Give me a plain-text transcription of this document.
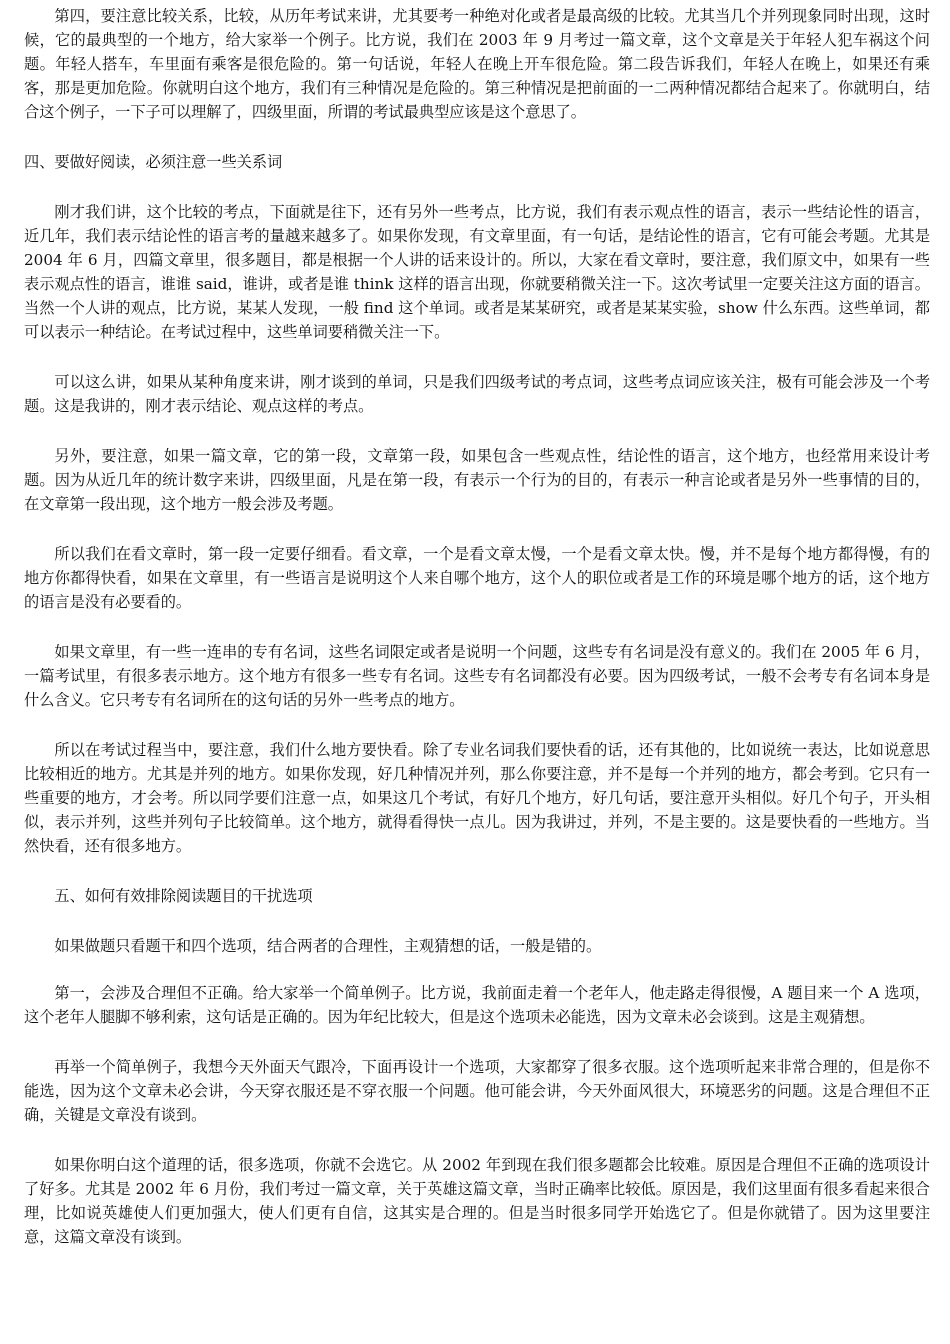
第四，要注意比较关系，比较，从历年考试来讲，尤其要考一种绝对化或者是最高级的比较。尤其当几个并列现象同时出现，这时候，它的最典型的一个地方，给大家举一个例子。比方说，我们在 2003 年 9 月考过一篇文章，这个文章是关于年轻人犯车祸这个问题。年轻人搭车，车里面有乘客是很危险的。第一句话说，年轻人在晚上开车很危险。第二段告诉我们，年轻人在晚上，如果还有乘客，那是更加危险。你就明白这个地方，我们有三种情况是危险的。第三种情况是把前面的一二两种情况都结合起来了。你就明白，结合这个例子，一下子可以理解了，四级里面，所谓的考试最典型应该是这个意思了。

四、要做好阅读，必须注意一些关系词

刚才我们讲，这个比较的考点，下面就是往下，还有另外一些考点，比方说，我们有表示观点性的语言，表示一些结论性的语言，近几年，我们表示结论性的语言考的量越来越多了。如果你发现，有文章里面，有一句话，是结论性的语言，它有可能会考题。尤其是 2004 年 6 月，四篇文章里，很多题目，都是根据一个人讲的话来设计的。所以，大家在看文章时，要注意，我们原文中，如果有一些表示观点性的语言，谁谁 said，谁讲，或者是谁 think 这样的语言出现，你就要稍微关注一下。这次考试里一定要关注这方面的语言。当然一个人讲的观点，比方说，某某人发现，一般 find 这个单词。或者是某某研究，或者是某某实验，show 什么东西。这些单词，都可以表示一种结论。在考试过程中，这些单词要稍微关注一下。

可以这么讲，如果从某种角度来讲，刚才谈到的单词，只是我们四级考试的考点词，这些考点词应该关注，极有可能会涉及一个考题。这是我讲的，刚才表示结论、观点这样的考点。

另外，要注意，如果一篇文章，它的第一段，文章第一段，如果包含一些观点性，结论性的语言，这个地方，也经常用来设计考题。因为从近几年的统计数字来讲，四级里面，凡是在第一段，有表示一个行为的目的，有表示一种言论或者是另外一些事情的目的，在文章第一段出现，这个地方一般会涉及考题。

所以我们在看文章时，第一段一定要仔细看。看文章，一个是看文章太慢，一个是看文章太快。慢，并不是每个地方都得慢，有的地方你都得快看，如果在文章里，有一些语言是说明这个人来自哪个地方，这个人的职位或者是工作的环境是哪个地方的话，这个地方的语言是没有必要看的。

如果文章里，有一些一连串的专有名词，这些名词限定或者是说明一个问题，这些专有名词是没有意义的。我们在 2005 年 6 月，一篇考试里，有很多表示地方。这个地方有很多一些专有名词。这些专有名词都没有必要。因为四级考试，一般不会考专有名词本身是什么含义。它只考专有名词所在的这句话的另外一些考点的地方。

所以在考试过程当中，要注意，我们什么地方要快看。除了专业名词我们要快看的话，还有其他的，比如说统一表达，比如说意思比较相近的地方。尤其是并列的地方。如果你发现，好几种情况并列，那么你要注意，并不是每一个并列的地方，都会考到。它只有一些重要的地方，才会考。所以同学要们注意一点，如果这几个考试，有好几个地方，好几句话，要注意开头相似。好几个句子，开头相似，表示并列，这些并列句子比较简单。这个地方，就得看得快一点儿。因为我讲过，并列，不是主要的。这是要快看的一些地方。当然快看，还有很多地方。

五、如何有效排除阅读题目的干扰选项

如果做题只看题干和四个选项，结合两者的合理性，主观猜想的话，一般是错的。

第一，会涉及合理但不正确。给大家举一个简单例子。比方说，我前面走着一个老年人，他走路走得很慢，A 题目来一个 A 选项，这个老年人腿脚不够利索，这句话是正确的。因为年纪比较大，但是这个选项未必能选，因为文章未必会谈到。这是主观猜想。

再举一个简单例子，我想今天外面天气跟冷，下面再设计一个选项，大家都穿了很多衣服。这个选项听起来非常合理的，但是你不能选，因为这个文章未必会讲，今天穿衣服还是不穿衣服一个问题。他可能会讲，今天外面风很大，环境恶劣的问题。这是合理但不正确，关键是文章没有谈到。

如果你明白这个道理的话，很多选项，你就不会选它。从 2002 年到现在我们很多题都会比较难。原因是合理但不正确的选项设计了好多。尤其是 2002 年 6 月份，我们考过一篇文章，关于英雄这篇文章，当时正确率比较低。原因是，我们这里面有很多看起来很合理，比如说英雄使人们更加强大，使人们更有自信，这其实是合理的。但是当时很多同学开始选它了。但是你就错了。因为这里要注意，这篇文章没有谈到。
